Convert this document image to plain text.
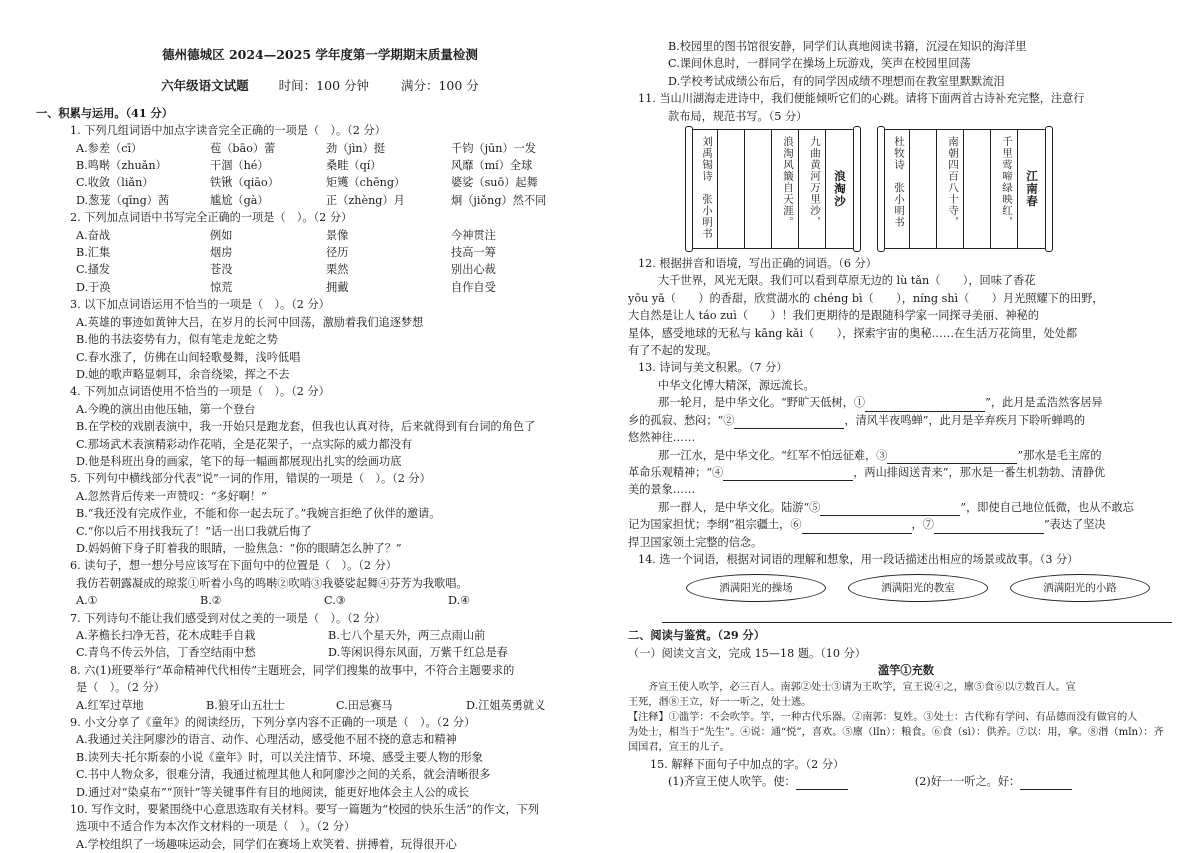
德州德城区 2024—2025 学年度第一学期期末质量检测
六年级语文试题 时间：100 分钟	满分：100 分
一、积累与运用。（41 分）
1. 下列几组词语中加点字读音完全正确的一项是（　）。（2 分）
A.参差（cī）	苞（bāo）蕾	劲（jìn）挺	千钧（jūn）一发
B.鸣啭（zhuǎn）	干涸（hé）	桑畦（qí）	风靡（mí）全球
C.收敛（liǎn）	铁锹（qiāo）	矩矱（chēng）	婆娑（suō）起舞
D.葱茏（qīng）茜	尴尬（gà）	正（zhèng）月	炯（jiǒng）然不同
2. 下列加点词语中书写完全正确的一项是（　）。（2 分）
A.奋战	例如	景像	今神贯注
B.汇集	烟房	径历	技高一筹
C.搔发	苍没	栗然	别出心裁
D.于涣	惊荒	拥戴	自作自受
3. 以下加点词语运用不恰当的一项是（　）。（2 分）
A.英雄的事迹如黄钟大吕，在岁月的长河中回荡，激励着我们追逐梦想
B.他的书法姿势有力，似有笔走龙蛇之势
C.春水涨了，仿佛在山间轻歌曼舞，浅吟低唱
D.她的歌声略显刺耳，余音绕梁，挥之不去
4. 下列加点词语使用不恰当的一项是（　）。（2 分）
A.今晚的演出由他压轴，第一个登台
B.在学校的戏剧表演中，我一开始只是跑龙套，但我也认真对待，后来就得到有台词的角色了
C.那场武术表演精彩动作花哨，全是花架子，一点实际的威力都没有
D.他是科班出身的画家，笔下的每一幅画都展现出扎实的绘画功底
5. 下列句中横线部分代表“说”一词的作用，错误的一项是（　）。（2 分）
A.忽然背后传来一声赞叹：“多好啊！”
B.“我还没有完成作业，不能和你一起去玩了。”我婉言拒绝了伙伴的邀请。
C.“你以后不用找我玩了！”话一出口我就后悔了
D.妈妈俯下身子盯着我的眼睛，一脸焦急：“你的眼睛怎么肿了？”
6. 读句子，想一想分号应该写在下面句中的位置是（　）。（2 分）
我仿若朝露凝成的琼浆①听着小鸟的鸣啭②吹哨③我婆娑起舞④芬芳为我歌唱。
A.①	B.②	C.③	D.④
7. 下列诗句不能让我们感受到对仗之美的一项是（　）。（2 分）
A.茅檐长扫净无苔，花木成畦手自栽	B.七八个星天外，两三点雨山前
C.青鸟不传云外信，丁香空结雨中愁	D.等闲识得东风面，万紫千红总是春
8. 六(1)班要举行“革命精神代代相传”主题班会，同学们搜集的故事中，不符合主题要求的
是（　）。（2 分）
A.红军过草地	B.狼牙山五壮士	C.田忌赛马	D.江姐英勇就义
9. 小文分享了《童年》的阅读经历，下列分享内容不正确的一项是（　）。（2 分）
A.我通过关注阿廖沙的语言、动作、心理活动，感受他不屈不挠的意志和精神
B.读列夫·托尔斯泰的小说《童年》时，可以关注情节、环境、感受主要人物的形象
C.书中人物众多，很难分清，我通过梳理其他人和阿廖沙之间的关系，就会清晰很多
D.通过对“染桌布”“顶针”等关键事件有目的地阅读，能更好地体会主人公的成长
10. 写作文时，要紧围绕中心意思选取有关材料。要写一篇题为“校园的快乐生活”的作文，下列
选项中不适合作为本次作文材料的一项是（　）。（2 分）
A.学校组织了一场趣味运动会，同学们在赛场上欢笑着、拼搏着，玩得很开心
B.校园里的图书馆很安静，同学们认真地阅读书籍，沉浸在知识的海洋里
C.课间休息时，一群同学在操场上玩游戏，笑声在校园里回荡
D.学校考试成绩公布后，有的同学因成绩不理想而在教室里默默流泪
11. 当山川湖海走进诗中，我们便能倾听它们的心跳。请将下面两首古诗补充完整，注意行
款布局，规范书写。（5 分）
刘禹锡诗　张小明书	浪淘风簸自天涯。	九曲黄河万里沙，	浪淘沙	杜牧诗　张小明书	南朝四百八十寺，	千里莺啼绿映红，	江南春
12. 根据拼音和语境，写出正确的词语。（6 分）
大千世界，风光无限。我们可以看到草原无边的 lù tǎn（　　），回味了香花
yōu yǎ（　　）的香甜，欣赏湖水的 chéng bì（　　），níng shì（　　）月光照耀下的田野，
大自然是让人 táo zuì（　　）！我们更期待的是跟随科学家一同探寻美丽、神秘的
星体，感受地球的无私与 kāng kǎi（　　），探索宇宙的奥秘……在生活万花筒里，处处都
有了不起的发现。
13. 诗词与美文积累。（7 分）
中华文化博大精深，源远流长。
那一轮月，是中华文化。“野旷天低树，①	”，此月是孟浩然客居异
乡的孤寂、愁闷；“②	，清风半夜鸣蝉”，此月是辛弃疾月下聆听蝉鸣的
悠然神往……
那一江水，是中华文化。“红军不怕远征难，③	”那水是毛主席的
革命乐观精神；“④	，两山排闼送青来”，那水是一番生机勃勃、清静优
美的景象……
那一群人，是中华文化。陆游“⑤	”，即使自己地位低微，也从不敢忘
记为国家担忧；李纲“祖宗疆土，⑥	，⑦	”表达了坚决
捍卫国家领土完整的信念。
14. 选一个词语，根据对词语的理解和想象，用一段话描述出相应的场景或故事。（3 分）
洒满阳光的操场	洒满阳光的教室	洒满阳光的小路
二、阅读与鉴赏。（29 分）
（一）阅读文言文，完成 15—18 题。（10 分）
滥竽①充数
齐宣王使人吹竽，必三百人。南郭②处士③请为王吹竽，宣王说④之，廪⑤食⑥以⑦数百人。宣
王死，湣⑧王立，好一一听之，处士逃。
【注释】①滥竽：不会吹竽。竽，一种古代乐器。②南郭：复姓。③处士：古代称有学问、有品德而没有做官的人
为处士，相当于“先生”。④说：通“悦”，喜欢。⑤廪（lǐn）：粮食。⑥食（sì）：供养。⑦以：用，拿。⑧湣（mǐn）：齐
国国君，宣王的儿子。
15. 解释下面句子中加点的字。（2 分）
(1)齐宣王使人吹竽。使：	(2)好一一听之。好：
